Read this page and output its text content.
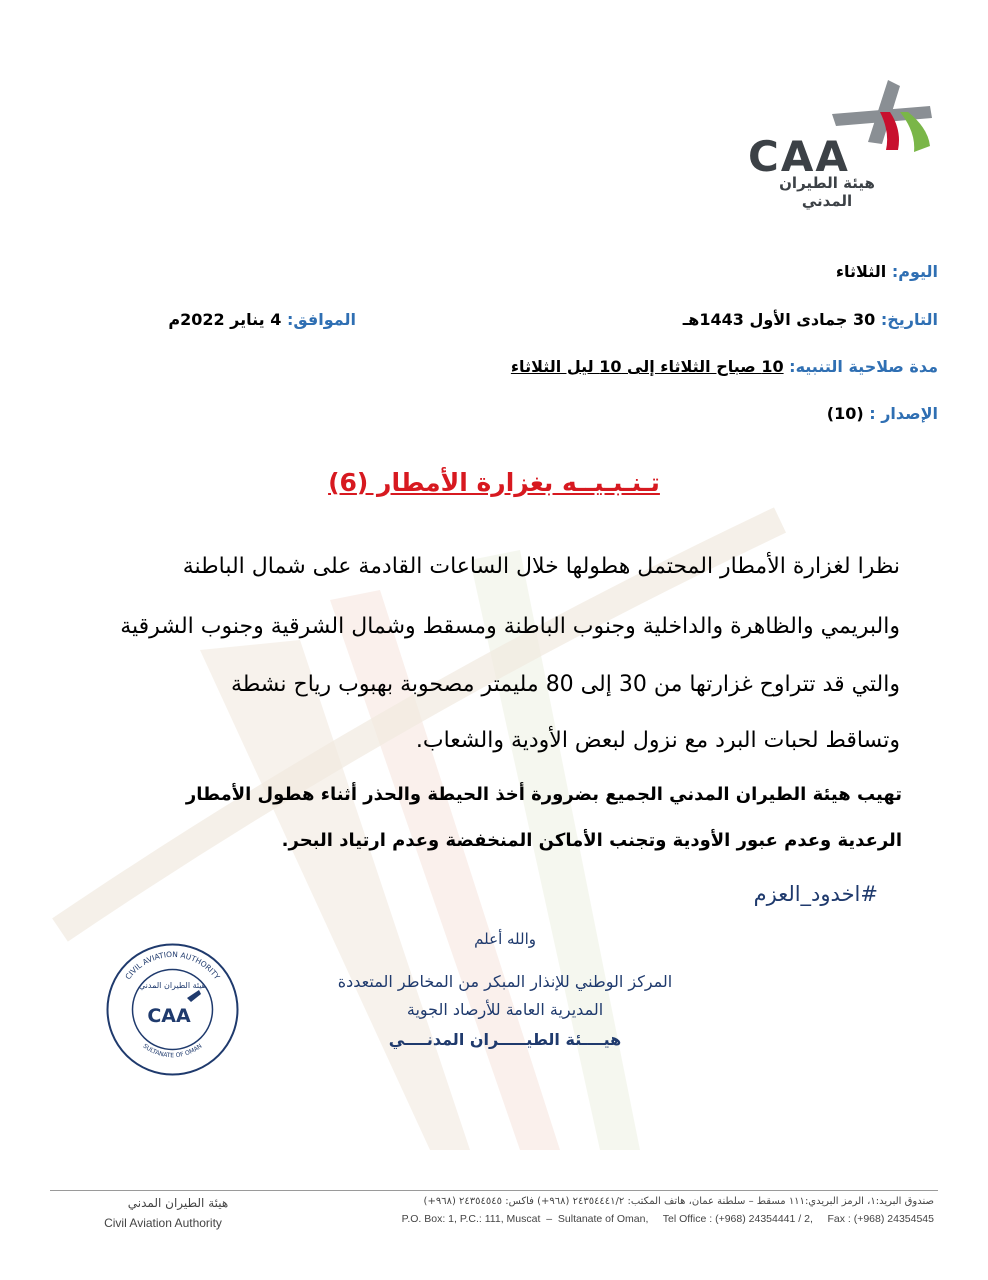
CAA
هيئة الطيران المدني
اليوم: الثلاثاء
التاريخ: 30 جمادى الأول 1443هـ
الموافق: 4 يناير 2022م
مدة صلاحية التنبيه: 10 صباح الثلاثاء إلى 10 ليل الثلاثاء
الإصدار : (10)
تـنـبـيــه بغزارة الأمطار (6)
نظرا لغزارة الأمطار المحتمل هطولها خلال الساعات القادمة على شمال الباطنة
والبريمي والظاهرة والداخلية وجنوب الباطنة ومسقط وشمال الشرقية وجنوب الشرقية
والتي قد تتراوح غزارتها من 30 إلى 80 مليمتر مصحوبة بهبوب رياح نشطة
وتساقط لحبات البرد مع نزول لبعض الأودية والشعاب.
تهيب هيئة الطيران المدني الجميع بضرورة أخذ الحيطة والحذر أثناء هطول الأمطار
الرعدية وعدم عبور الأودية وتجنب الأماكن المنخفضة وعدم ارتياد البحر.
#اخدود_العزم
والله أعلم
المركز الوطني للإنذار المبكر من المخاطر المتعددة
المديرية العامة للأرصاد الجوية
هيــــئة الطيـــــران المدنــــي
CIVIL AVIATION AUTHORITY
SULTANATE OF OMAN
هيئة الطيران المدني
CAA
هيئة الطيران المدني
Civil Aviation Authority
صندوق البريد:١، الرمز البريدي:١١١ مسقط – سلطنة عمان، هاتف المكتب: ٢٤٣٥٤٤٤١/٢ (٩٦٨+) فاكس: ٢٤٣٥٤٥٤٥ (٩٦٨+)
P.O. Box: 1, P.C.: 111, Muscat  –  Sultanate of Oman,     Tel Office : (+968) 24354441 / 2,     Fax : (+968) 24354545
